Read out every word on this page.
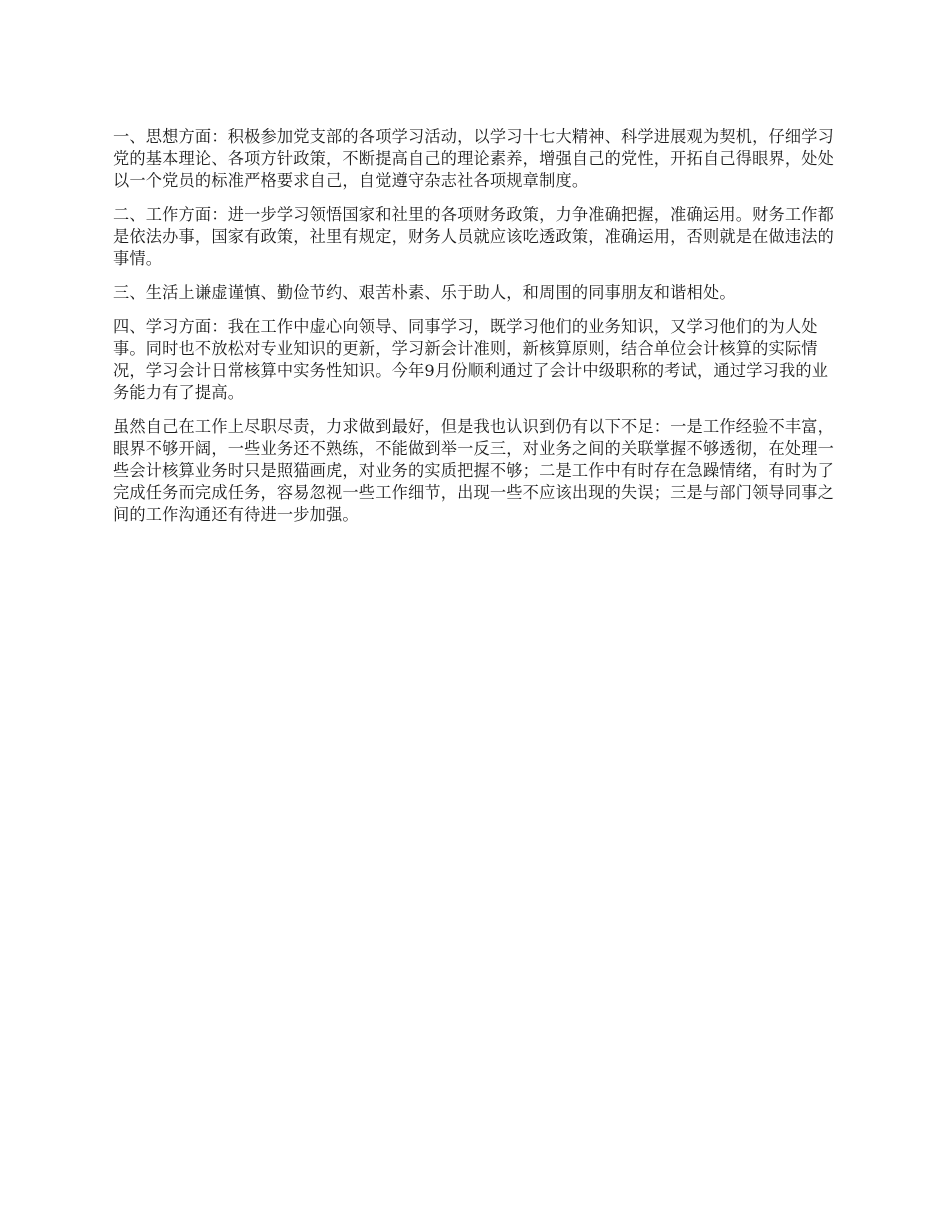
一、思想方面：积极参加党支部的各项学习活动，以学习十七大精神、科学进展观为契机，仔细学习党的基本理论、各项方针政策，不断提高自己的理论素养，增强自己的党性，开拓自己得眼界，处处以一个党员的标准严格要求自己，自觉遵守杂志社各项规章制度。

二、工作方面：进一步学习领悟国家和社里的各项财务政策，力争准确把握，准确运用。财务工作都是依法办事，国家有政策，社里有规定，财务人员就应该吃透政策，准确运用，否则就是在做违法的事情。

三、生活上谦虚谨慎、勤俭节约、艰苦朴素、乐于助人，和周围的同事朋友和谐相处。

四、学习方面：我在工作中虚心向领导、同事学习，既学习他们的业务知识，又学习他们的为人处事。同时也不放松对专业知识的更新，学习新会计准则，新核算原则，结合单位会计核算的实际情况，学习会计日常核算中实务性知识。今年9月份顺利通过了会计中级职称的考试，通过学习我的业务能力有了提高。

虽然自己在工作上尽职尽责，力求做到最好，但是我也认识到仍有以下不足：一是工作经验不丰富，眼界不够开阔，一些业务还不熟练，不能做到举一反三，对业务之间的关联掌握不够透彻，在处理一些会计核算业务时只是照猫画虎，对业务的实质把握不够；二是工作中有时存在急躁情绪，有时为了完成任务而完成任务，容易忽视一些工作细节，出现一些不应该出现的失误；三是与部门领导同事之间的工作沟通还有待进一步加强。
